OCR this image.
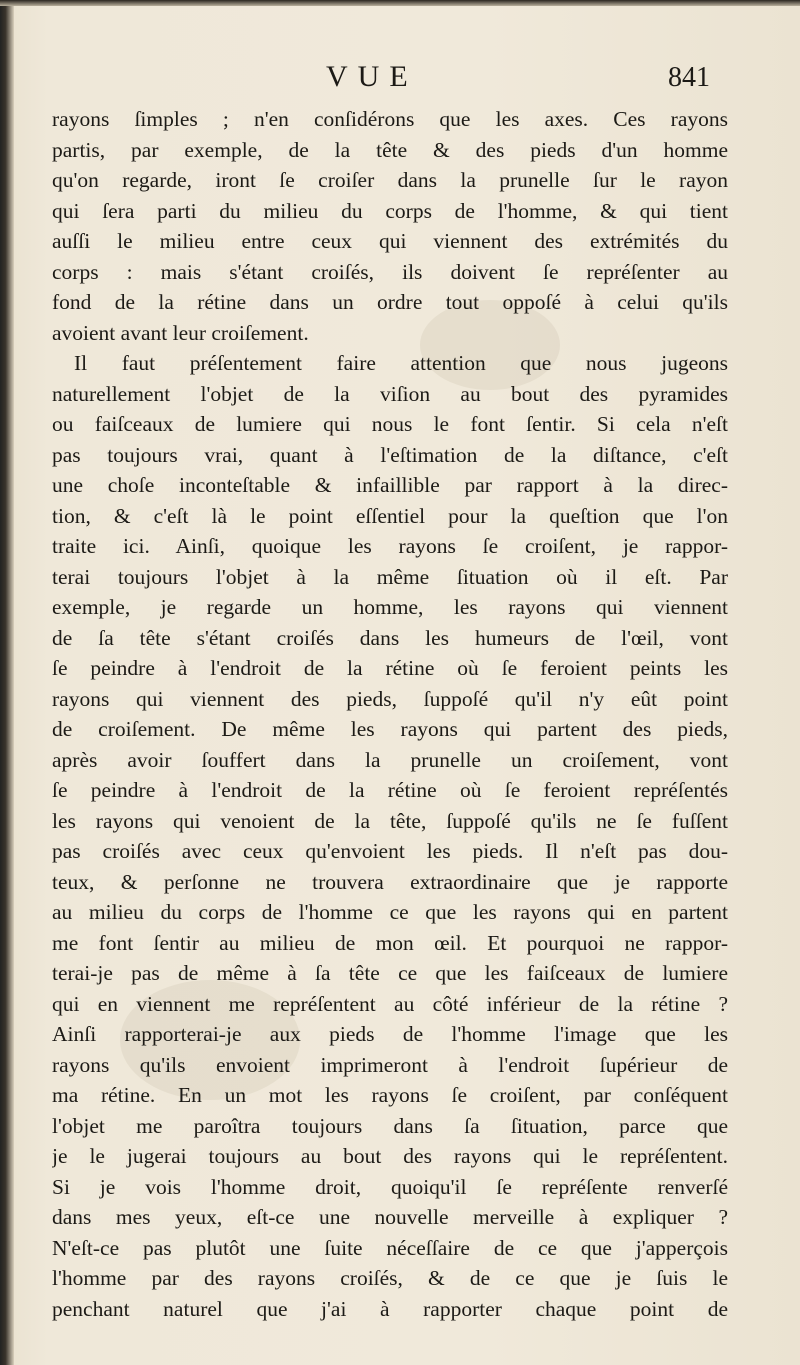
VUE	841
rayons ſimples ; n'en conſidérons que les axes. Ces rayons
partis, par exemple, de la tête & des pieds d'un homme
qu'on regarde, iront ſe croiſer dans la prunelle ſur le rayon
qui ſera parti du milieu du corps de l'homme, & qui tient
auſſi le milieu entre ceux qui viennent des extrémités du
corps : mais s'étant croiſés, ils doivent ſe repréſenter au
fond de la rétine dans un ordre tout oppoſé à celui qu'ils
avoient avant leur croiſement.
Il faut préſentement faire attention que nous jugeons
naturellement l'objet de la viſion au bout des pyramides
ou faiſceaux de lumiere qui nous le font ſentir. Si cela n'eſt
pas toujours vrai, quant à l'eſtimation de la diſtance, c'eſt
une choſe inconteſtable & infaillible par rapport à la direc-
tion, & c'eſt là le point eſſentiel pour la queſtion que l'on
traite ici. Ainſi, quoique les rayons ſe croiſent, je rappor-
terai toujours l'objet à la même ſituation où il eſt. Par
exemple, je regarde un homme, les rayons qui viennent
de ſa tête s'étant croiſés dans les humeurs de l'œil, vont
ſe peindre à l'endroit de la rétine où ſe feroient peints les
rayons qui viennent des pieds, ſuppoſé qu'il n'y eût point
de croiſement. De même les rayons qui partent des pieds,
après avoir ſouffert dans la prunelle un croiſement, vont
ſe peindre à l'endroit de la rétine où ſe feroient repréſentés
les rayons qui venoient de la tête, ſuppoſé qu'ils ne ſe fuſſent
pas croiſés avec ceux qu'envoient les pieds. Il n'eſt pas dou-
teux, & perſonne ne trouvera extraordinaire que je rapporte
au milieu du corps de l'homme ce que les rayons qui en partent
me font ſentir au milieu de mon œil. Et pourquoi ne rappor-
terai-je pas de même à ſa tête ce que les faiſceaux de lumiere
qui en viennent me repréſentent au côté inférieur de la rétine ?
Ainſi rapporterai-je aux pieds de l'homme l'image que les
rayons qu'ils envoient imprimeront à l'endroit ſupérieur de
ma rétine. En un mot les rayons ſe croiſent, par conſéquent
l'objet me paroîtra toujours dans ſa ſituation, parce que
je le jugerai toujours au bout des rayons qui le repréſentent.
Si je vois l'homme droit, quoiqu'il ſe repréſente renverſé
dans mes yeux, eſt-ce une nouvelle merveille à expliquer ?
N'eſt-ce pas plutôt une ſuite néceſſaire de ce que j'apperçois
l'homme par des rayons croiſés, & de ce que je ſuis le
penchant naturel que j'ai à rapporter chaque point de
